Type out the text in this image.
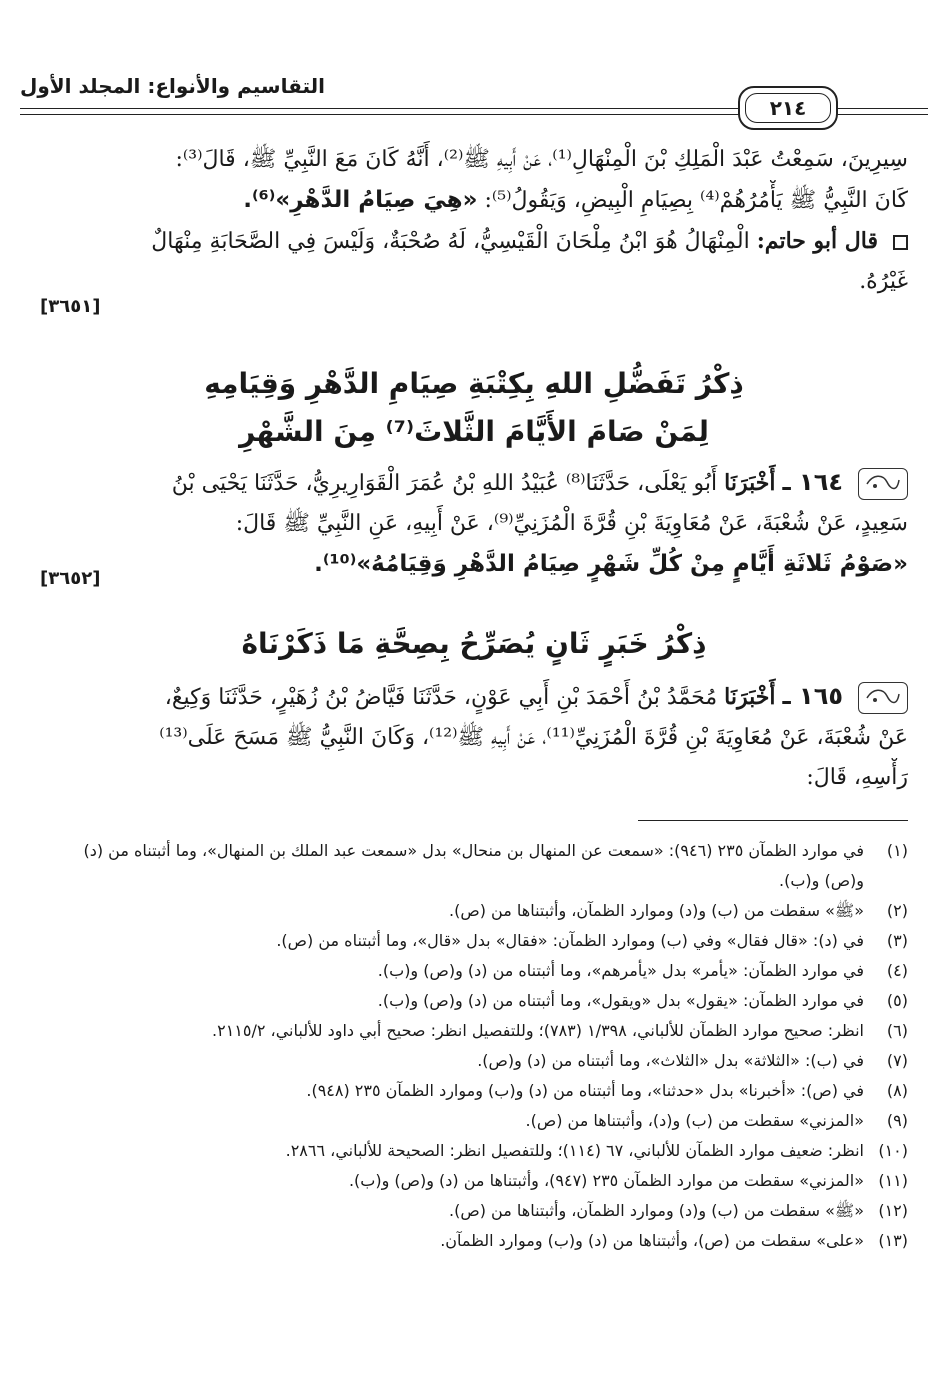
التقاسيم والأنواع: المجلد الأول
٢١٤
سِيرِينَ، سَمِعْتُ عَبْدَ الْمَلِكِ بْنَ الْمِنْهَالِ⁽¹⁾، عَنْ أَبِيهِ ﷺ⁽²⁾، أَنَّهُ كَانَ مَعَ النَّبِيِّ ﷺ، قَالَ⁽³⁾:
كَانَ النَّبِيُّ ﷺ يَأْمُرُهُمْ⁽⁴⁾ بِصِيَامِ الْبِيضِ، وَيَقُولُ⁽⁵⁾: «هِيَ صِيَامُ الدَّهْرِ»⁽⁶⁾.
قال أبو حاتم: الْمِنْهَالُ هُوَ ابْنُ مِلْحَانَ الْقَيْسِيُّ، لَهُ صُحْبَةٌ، وَلَيْسَ فِي الصَّحَابَةِ مِنْهَالٌ
غَيْرُهُ.
[٣٦٥١]
ذِكْرُ تَفَضُّلِ اللهِ بِكِتْبَةِ صِيَامِ الدَّهْرِ وَقِيَامِهِ
لِمَنْ صَامَ الأَيَّامَ الثَّلاثَ⁽⁷⁾ مِنَ الشَّهْرِ
١٦٤ ـ أَخْبَرَنَا أَبُو يَعْلَى، حَدَّثَنَا⁽⁸⁾ عُبَيْدُ اللهِ بْنُ عُمَرَ الْقَوَارِيرِيُّ، حَدَّثَنَا يَحْيَى بْنُ
سَعِيدٍ، عَنْ شُعْبَةَ، عَنْ مُعَاوِيَةَ بْنِ قُرَّةَ الْمُزَنِيِّ⁽⁹⁾، عَنْ أَبِيهِ، عَنِ النَّبِيِّ ﷺ قَالَ:
«صَوْمُ ثَلاثَةِ أَيَّامٍ مِنْ كُلِّ شَهْرٍ صِيَامُ الدَّهْرِ وَقِيَامُهُ»⁽¹⁰⁾.
[٣٦٥٢]
ذِكْرُ خَبَرٍ ثَانٍ يُصَرِّحُ بِصِحَّةِ مَا ذَكَرْنَاهُ
١٦٥ ـ أَخْبَرَنَا مُحَمَّدُ بْنُ أَحْمَدَ بْنِ أَبِي عَوْنٍ، حَدَّثَنَا فَيَّاضُ بْنُ زُهَيْرٍ، حَدَّثَنَا وَكِيعٌ،
عَنْ شُعْبَةَ، عَنْ مُعَاوِيَةَ بْنِ قُرَّةَ الْمُزَنِيِّ⁽¹¹⁾، عَنْ أَبِيهِ ﷺ⁽¹²⁾، وَكَانَ النَّبِيُّ ﷺ مَسَحَ عَلَى⁽¹³⁾
رَأْسِهِ، قَالَ:
(١)
في موارد الظمآن ٢٣٥ (٩٤٦): «سمعت عن المنهال بن منحال» بدل «سمعت عبد الملك بن المنهال»، وما أثبتناه من (د) و(ص) و(ب).
(٢)
«ﷺ» سقطت من (ب) و(د) وموارد الظمآن، وأثبتناها من (ص).
(٣)
في (د): «قال فقال» وفي (ب) وموارد الظمآن: «فقال» بدل «قال»، وما أثبتناه من (ص).
(٤)
في موارد الظمآن: «يأمر» بدل «يأمرهم»، وما أثبتناه من (د) و(ص) و(ب).
(٥)
في موارد الظمآن: «يقول» بدل «ويقول»، وما أثبتناه من (د) و(ص) و(ب).
(٦)
انظر: صحيح موارد الظمآن للألباني، ١/٣٩٨ (٧٨٣)؛ وللتفصيل انظر: صحيح أبي داود للألباني، ٢١١٥/٢.
(٧)
في (ب): «الثلاثة» بدل «الثلاث»، وما أثبتناه من (د) و(ص).
(٨)
في (ص): «أخبرنا» بدل «حدثنا»، وما أثبتناه من (د) و(ب) وموارد الظمآن ٢٣٥ (٩٤٨).
(٩)
«المزني» سقطت من (ب) و(د)، وأثبتناها من (ص).
(١٠)
انظر: ضعيف موارد الظمآن للألباني، ٦٧ (١١٤)؛ وللتفصيل انظر: الصحيحة للألباني، ٢٨٦٦.
(١١)
«المزني» سقطت من موارد الظمآن ٢٣٥ (٩٤٧)، وأثبتناها من (د) و(ص) و(ب).
(١٢)
«ﷺ» سقطت من (ب) و(د) وموارد الظمآن، وأثبتناها من (ص).
(١٣)
«على» سقطت من (ص)، وأثبتناها من (د) و(ب) وموارد الظمآن.
